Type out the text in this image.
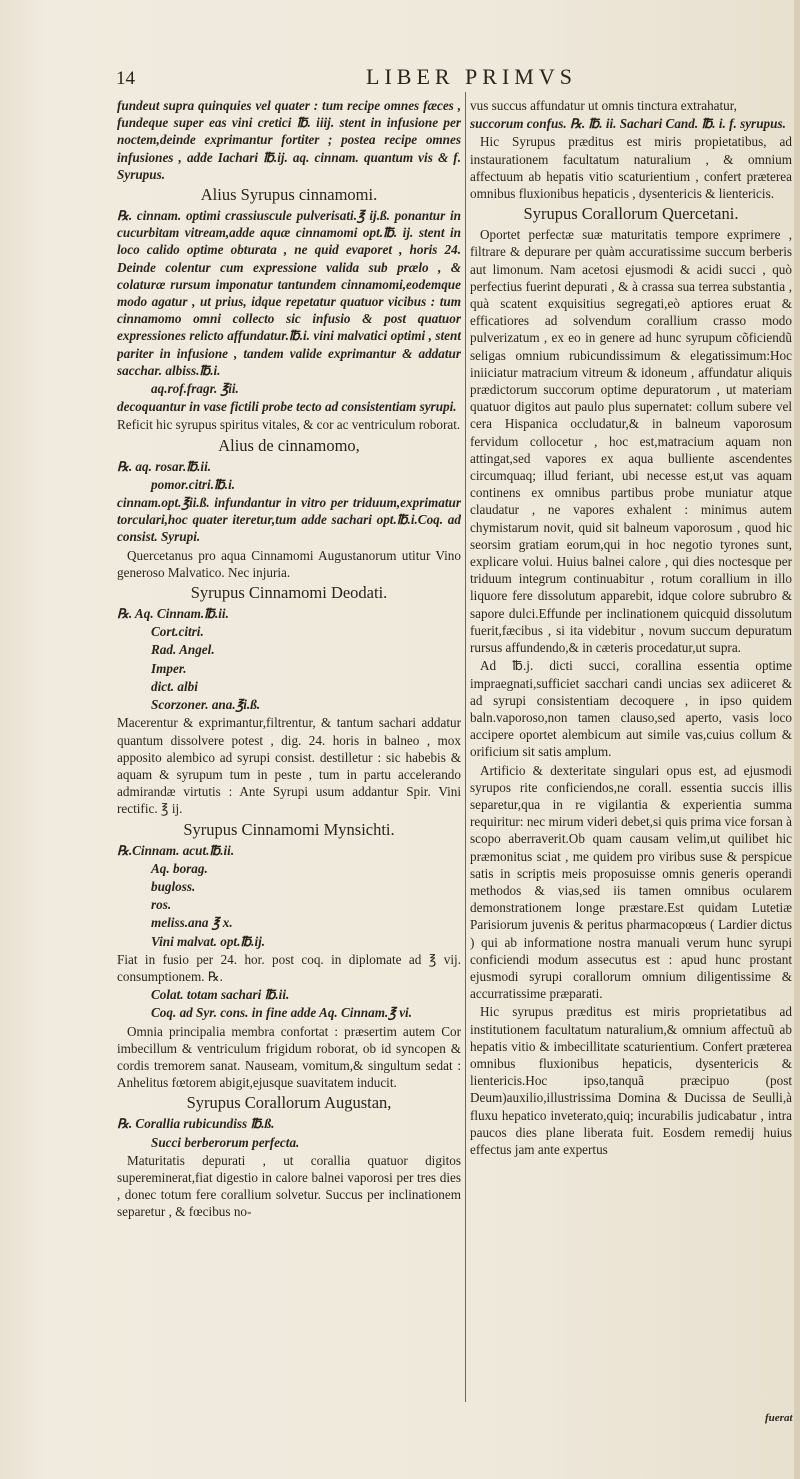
14	LIBER PRIMVS

fundeut supra quinquies vel quater : tum recipe omnes fæces , fundeque super eas vini cretici ℔. iiij. stent in infusione per noctem,deinde exprimantur fortiter ; postea recipe omnes infusiones , adde Iachari ℔.ij. aq. cinnam. quantum vis & f. Syrupus.

Alius Syrupus cinnamomi.

℞. cinnam. optimi crassiuscule pulverisati.℥ ij.ß. ponantur in cucurbitam vitream,adde aquæ cinnamomi opt.℔. ij. stent in loco calido optime obturata , ne quid evaporet , horis 24. Deinde colentur cum expressione valida sub prælo , & colaturæ rursum imponatur tantundem cinnamomi,eodemque modo agatur , ut prius, idque repetatur quatuor vicibus : tum cinnamomo omni collecto sic infusio & post quatuor expressiones relicto affundatur.℔.i. vini malvatici optimi , stent pariter in infusione , tandem valide exprimantur & addatur sacchar. albiss.℔.i.

aq.rof.fragr. ℥ii.

decoquantur in vase fictili probe tecto ad consistentiam syrupi.

Reficit hic syrupus spiritus vitales, & cor ac ventriculum roborat.

Alius de cinnamomo,

℞. aq. rosar.℔.ii.

pomor.citri.℔.i.

cinnam.opt.℥ii.ß. infundantur in vitro per triduum,exprimatur torculari,hoc quater iteretur,tum adde sachari opt.℔.i.Coq. ad consist. Syrupi.

Quercetanus pro aqua Cinnamomi Augustanorum utitur Vino generoso Malvatico. Nec injuria.

Syrupus Cinnamomi Deodati.

℞. Aq. Cinnam.℔.ii.

Cort.citri.

Rad. Angel.

Imper.

dict. albi

Scorzoner. ana.℥i.ß.

Macerentur & exprimantur,filtrentur, & tantum sachari addatur quantum dissolvere potest , dig. 24. horis in balneo , mox apposito alembico ad syrupi consist. destilletur : sic habebis & aquam & syrupum tum in peste , tum in partu accelerando admirandæ virtutis : Ante Syrupi usum addantur Spir. Vini rectific. ℥ ij.

Syrupus Cinnamomi Mynsichti.

℞.Cinnam. acut.℔.ii.

Aq. borag.

bugloss.

ros.

meliss.ana ℥ x.

Vini malvat. opt.℔.ij.

Fiat in fusio per 24. hor. post coq. in diplomate ad ℥ vij. consumptionem. ℞.

Colat. totam sachari ℔.ii.

Coq. ad Syr. cons. in fine adde Aq. Cinnam.℥ vi.

Omnia principalia membra confortat : præsertim autem Cor imbecillum & ventriculum frigidum roborat, ob id syncopen & cordis tremorem sanat. Nauseam, vomitum,& singultum sedat : Anhelitus fœtorem abigit,ejusque suavitatem inducit.

Syrupus Corallorum Augustan,

℞. Corallia rubicundiss ℔.ß.

Succi berberorum perfecta.

Maturitatis depurati , ut corallia quatuor digitos supereminerat,fiat digestio in calore balnei vaporosi per tres dies , donec totum fere corallium solvetur. Succus per inclinationem separetur , & fœcibus no-

vus succus affundatur ut omnis tinctura extrahatur,

succorum confus. ℞. ℔. ii. Sachari Cand. ℔. i. f. syrupus.

Hic Syrupus præditus est miris propietatibus, ad instaurationem facultatum naturalium , & omnium affectuum ab hepatis vitio scaturientium , confert præterea omnibus fluxionibus hepaticis , dysentericis & lientericis.

Syrupus Corallorum Quercetani.

Oportet perfectæ suæ maturitatis tempore exprimere , filtrare & depurare per quàm accuratissime succum berberis aut limonum. Nam acetosi ejusmodi & acidi succi , quò perfectius fuerint depurati , & à crassa sua terrea substantia , quà scatent exquisitius segregati,eò aptiores eruat & efficatiores ad solvendum corallium crasso modo pulverizatum , ex eo in genere ad hunc syrupum cõficiendũ seligas omnium rubicundissimum & elegatissimum:Hoc iniiciatur matracium vitreum & idoneum , affundatur aliquis prædictorum succorum optime depuratorum , ut materiam quatuor digitos aut paulo plus supernatet: collum subere vel cera Hispanica occludatur,& in balneum vaporosum fervidum collocetur , hoc est,matracium aquam non attingat,sed vapores ex aqua bulliente ascendentes circumquaq; illud feriant, ubi necesse est,ut vas aquam continens ex omnibus partibus probe muniatur atque claudatur , ne vapores exhalent : minimus autem chymistarum novit, quid sit balneum vaporosum , quod hic seorsim gratiam eorum,qui in hoc negotio tyrones sunt, explicare volui. Huius balnei calore , qui dies noctesque per triduum integrum continuabitur , rotum corallium in illo liquore fere dissolutum apparebit, idque colore subrubro & sapore dulci.Effunde per inclinationem quicquid dissolutum fuerit,fæcibus , si ita videbitur , novum succum depuratum rursus affundendo,& in cæteris procedatur,ut supra.

Ad ℔.j. dicti succi, corallina essentia optime impraegnati,sufficiet sacchari candi uncias sex adiiceret & ad syrupi consistentiam decoquere , in ipso quidem baln.vaporoso,non tamen clauso,sed aperto, vasis loco accipere oportet alembicum aut simile vas,cuius collum & orificium sit satis amplum.

Artificio & dexteritate singulari opus est, ad ejusmodi syrupos rite conficiendos,ne corall. essentia succis illis separetur,qua in re vigilantia & experientia summa requiritur: nec mirum videri debet,si quis prima vice forsan à scopo aberraverit.Ob quam causam velim,ut quilibet hic præmonitus sciat , me quidem pro viribus suse & perspicue satis in scriptis meis proposuisse omnis generis operandi methodos & vias,sed iis tamen omnibus ocularem demonstrationem longe præstare.Est quidam Lutetiæ Parisiorum juvenis & peritus pharmacopœus ( Lardier dictus ) qui ab informatione nostra manuali verum hunc syrupi conficiendi modum assecutus est : apud hunc prostant ejusmodi syrupi corallorum omnium diligentissime & accurratissime præparati.

Hic syrupus præditus est miris proprietatibus ad institutionem facultatum naturalium,& omnium affectuũ ab hepatis vitio & imbecillitate scaturientium. Confert prætereа omnibus fluxionibus hepaticis, dysentericis & lientericis.Hoc ipso,tanquã præcipuo (post Deum)auxilio,illustrissima Domina & Ducissa de Seulli,à fluxu hepatico inveterato,quiq; incurabilis judicabatur , intra paucos dies plane liberata fuit. Eosdem remedij huius effectus jam ante expertus

fuerat
